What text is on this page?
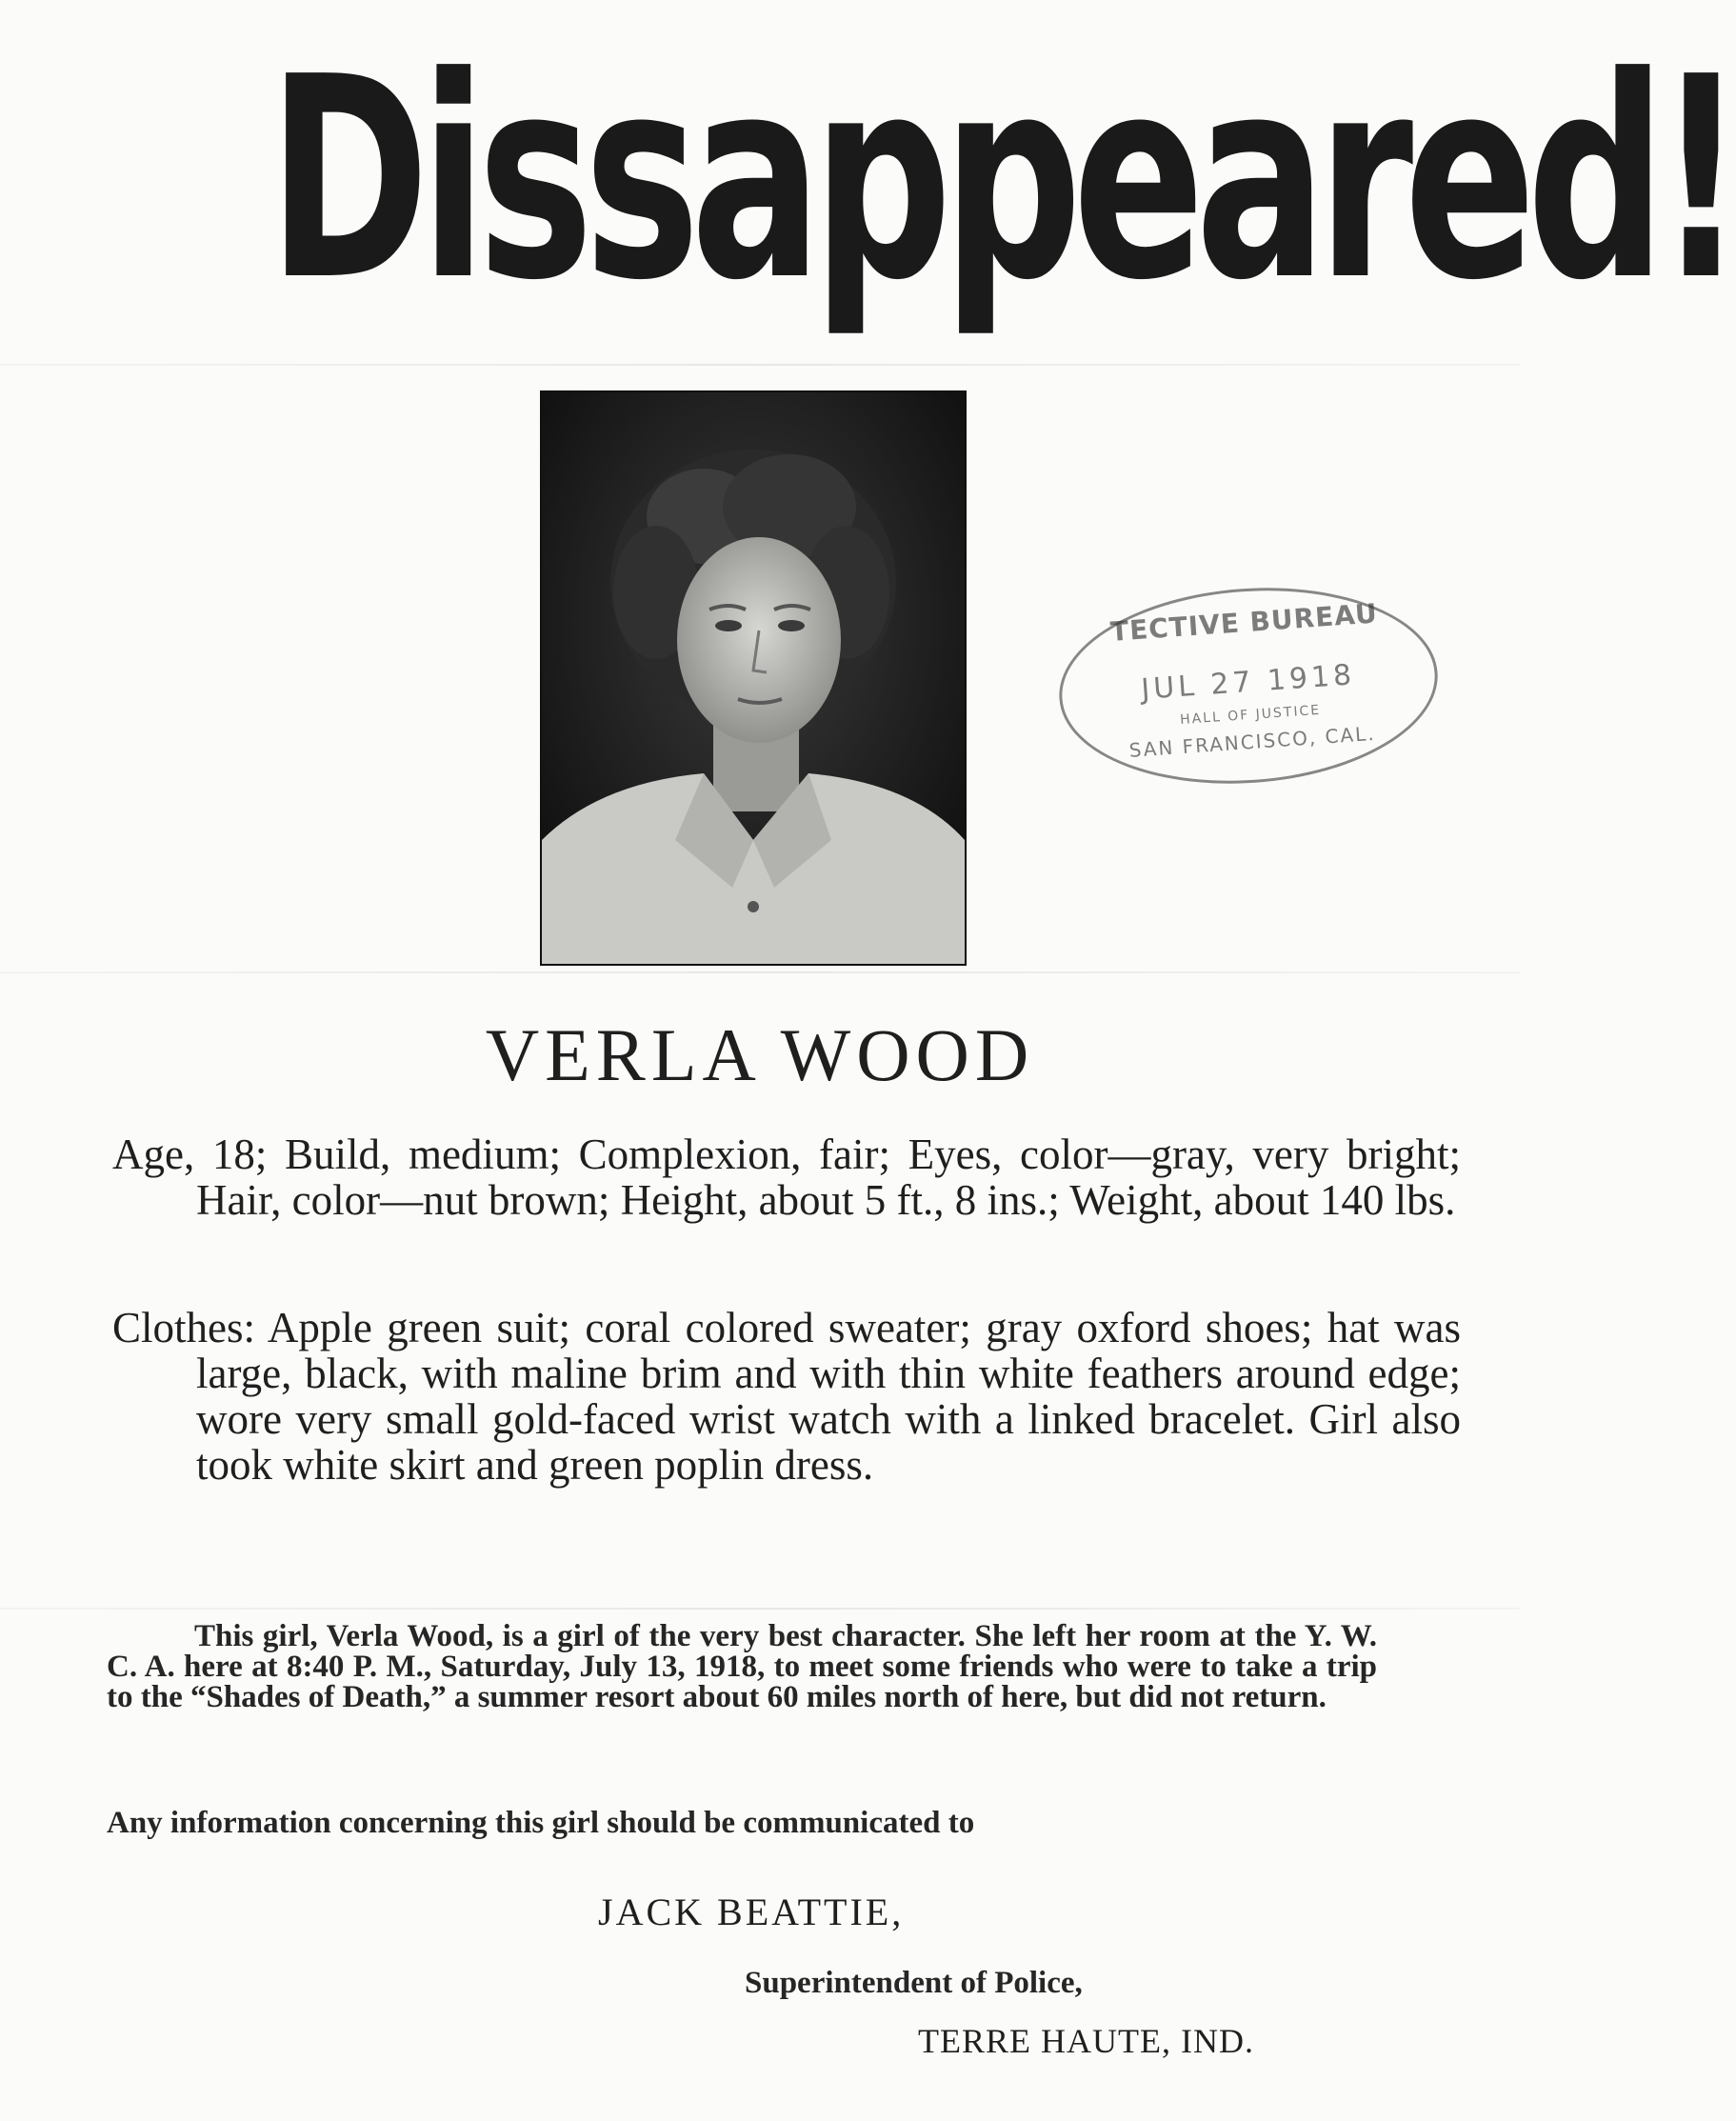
Dissappeared!
TECTIVE BUREAU
JUL 27 1918
HALL OF JUSTICE
SAN FRANCISCO, CAL.
VERLA WOOD
Age, 18; Build, medium; Complexion, fair; Eyes, color—gray, very bright; Hair, color—nut brown; Height, about 5 ft., 8 ins.; Weight, about 140 lbs.
Clothes: Apple green suit; coral colored sweater; gray oxford shoes; hat was large, black, with maline brim and with thin white feathers around edge; wore very small gold-faced wrist watch with a linked bracelet. Girl also took white skirt and green poplin dress.
This girl, Verla Wood, is a girl of the very best character. She left her room at the Y. W. C. A. here at 8:40 P. M., Saturday, July 13, 1918, to meet some friends who were to take a trip to the “Shades of Death,” a summer resort about 60 miles north of here, but did not return.
Any information concerning this girl should be communicated to
JACK BEATTIE,
Superintendent of Police,
TERRE HAUTE, IND.
